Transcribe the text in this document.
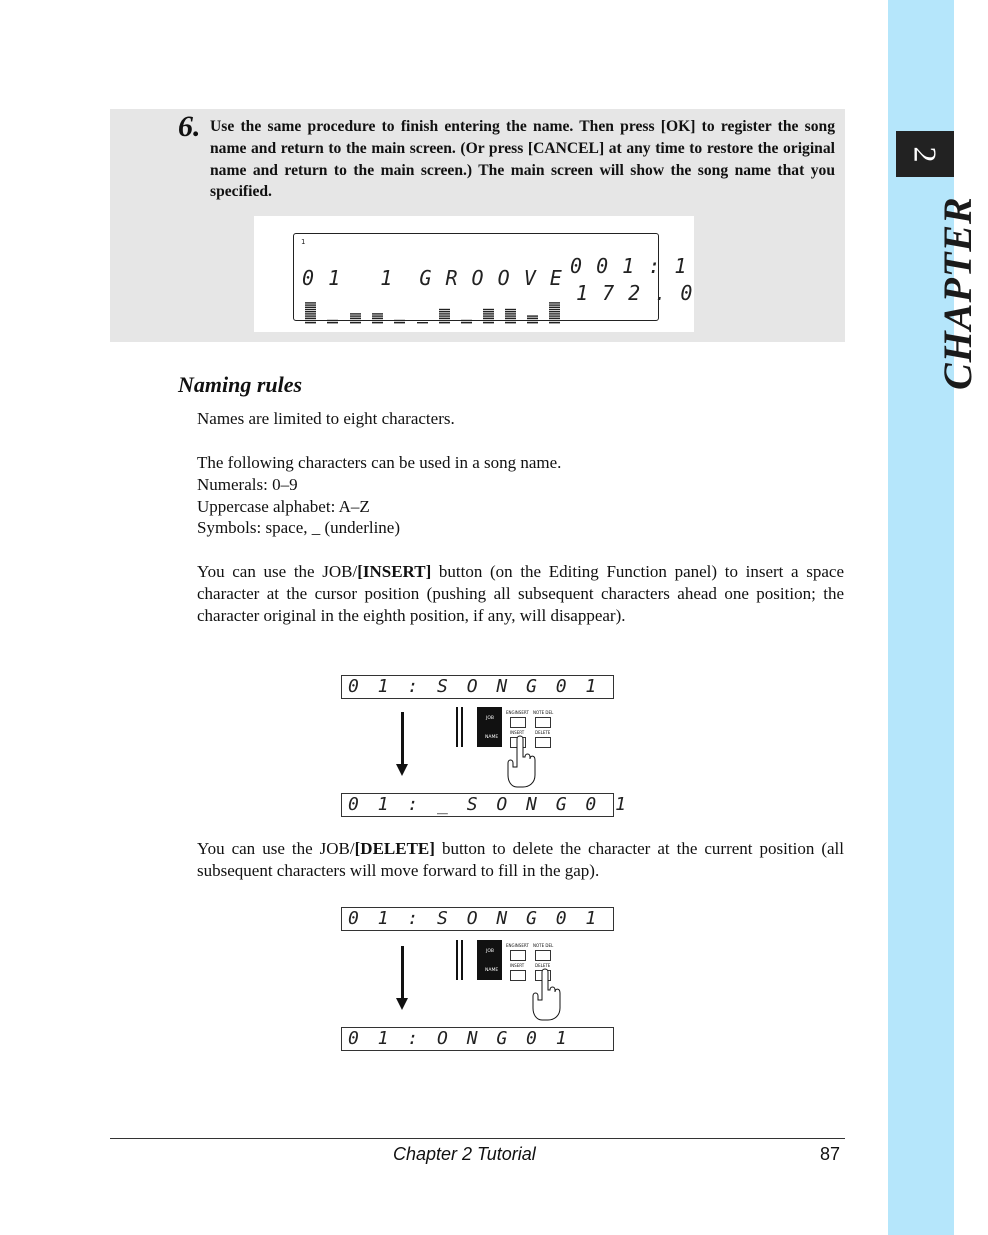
2
CHAPTER
6. Use the same procedure to finish entering the name. Then press [OK] to register the song name and return to the main screen. (Or press [CANCEL] at any time to restore the original name and return to the main screen.) The main screen will show the song name that you specified.
1
0 1   1  G R O O V E 0 0 1 : 1
1 7 2 . 0
Naming rules
Names are limited to eight characters.
The following characters can be used in a song name.
Numerals: 0–9
Uppercase alphabet: A–Z
Symbols: space, _ (underline)
You can use the JOB/[INSERT] button (on the Editing Function panel) to insert a space character at the cursor position (pushing all subsequent characters ahead one position; the character original in the eighth position, if any, will disappear).
0 1 : S O N G 0 1
0 1 : _ S O N G 0 1
JOB
NAME
ENGINSERT NOTE DEL
INSERT	DELETE
You can use the JOB/[DELETE] button to delete the character at the current position (all subsequent characters will move forward to fill in the gap).
0 1 : S O N G 0 1
0 1 : O N G 0 1
JOB
NAME
ENGINSERT NOTE DEL
INSERT	DELETE
Chapter 2 Tutorial	87
